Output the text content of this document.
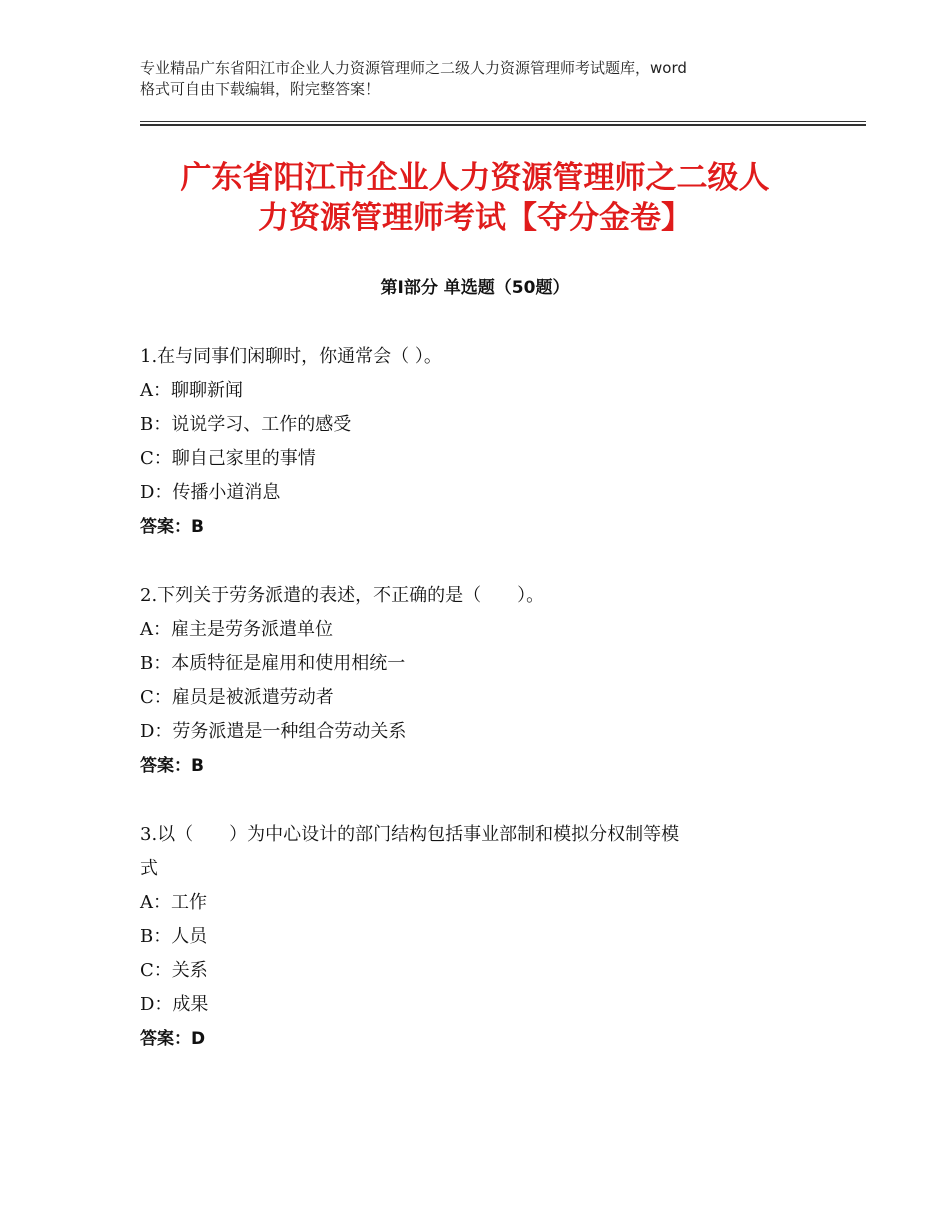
专业精品广东省阳江市企业人力资源管理师之二级人力资源管理师考试题库，word
格式可自由下载编辑，附完整答案！
广东省阳江市企业人力资源管理师之二级人
力资源管理师考试【夺分金卷】
第Ⅰ部分 单选题（50题）

1.在与同事们闲聊时，你通常会（ ）。

A：聊聊新闻

B：说说学习、工作的感受

C：聊自己家里的事情

D：传播小道消息

答案：B

2.下列关于劳务派遣的表述，不正确的是（　　）。

A：雇主是劳务派遣单位

B：本质特征是雇用和使用相统一

C：雇员是被派遣劳动者

D：劳务派遣是一种组合劳动关系

答案：B

3.以（　　）为中心设计的部门结构包括事业部制和模拟分权制等模

式

A：工作

B：人员

C：关系

D：成果

答案：D
